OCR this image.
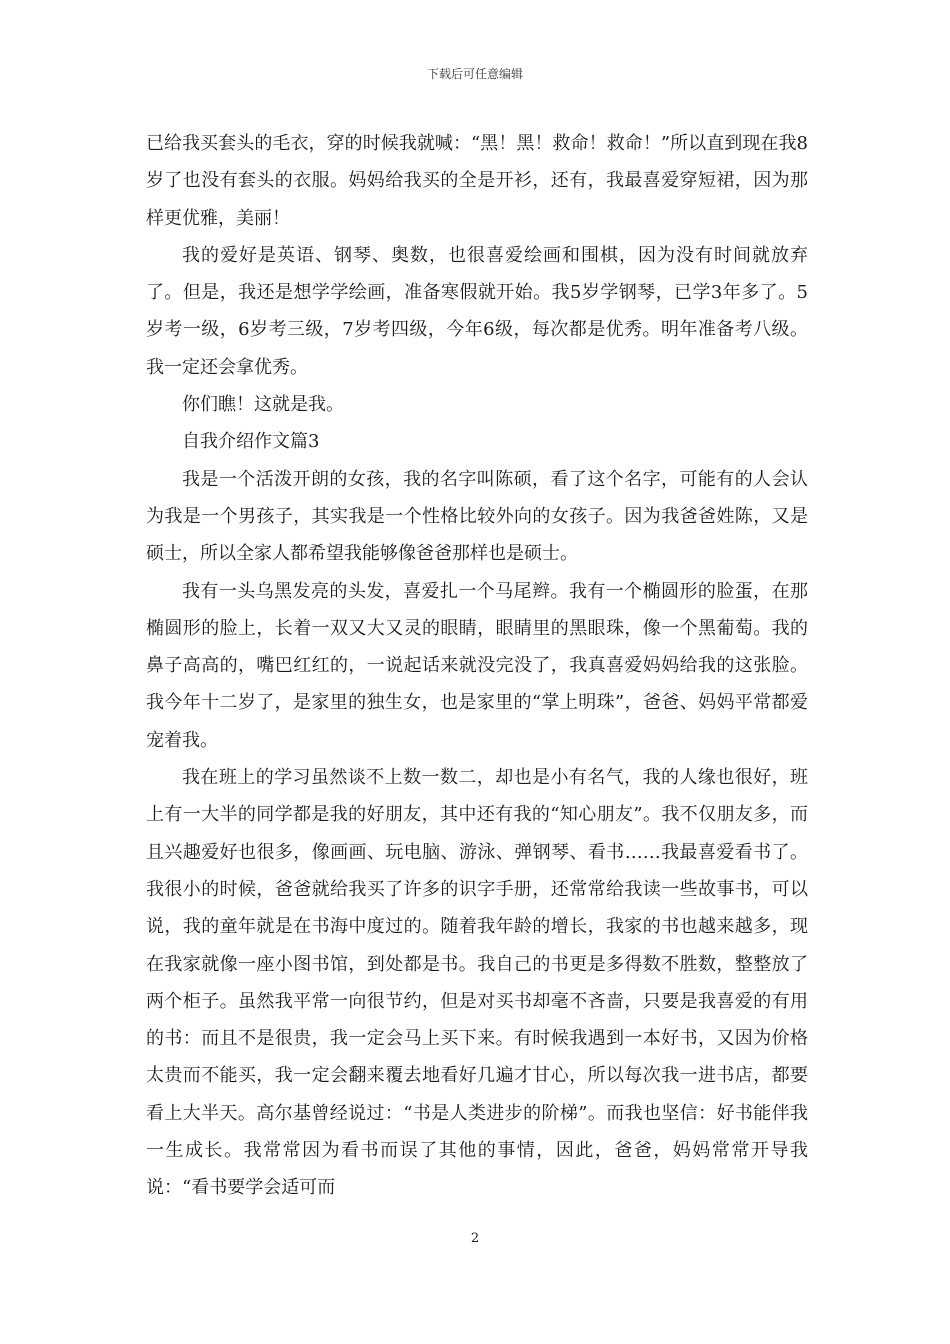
下载后可任意编辑

已给我买套头的毛衣，穿的时候我就喊：“黑！黑！救命！救命！”所以直到现在我8岁了也没有套头的衣服。妈妈给我买的全是开衫，还有，我最喜爱穿短裙，因为那样更优雅，美丽！

我的爱好是英语、钢琴、奥数，也很喜爱绘画和围棋，因为没有时间就放弃了。但是，我还是想学学绘画，准备寒假就开始。我5岁学钢琴，已学3年多了。5岁考一级，6岁考三级，7岁考四级，今年6级，每次都是优秀。明年准备考八级。我一定还会拿优秀。

你们瞧！这就是我。

自我介绍作文篇3

我是一个活泼开朗的女孩，我的名字叫陈硕，看了这个名字，可能有的人会认为我是一个男孩子，其实我是一个性格比较外向的女孩子。因为我爸爸姓陈，又是硕士，所以全家人都希望我能够像爸爸那样也是硕士。

我有一头乌黑发亮的头发，喜爱扎一个马尾辫。我有一个椭圆形的脸蛋，在那椭圆形的脸上，长着一双又大又灵的眼睛，眼睛里的黑眼珠，像一个黑葡萄。我的鼻子高高的，嘴巴红红的，一说起话来就没完没了，我真喜爱妈妈给我的这张脸。我今年十二岁了，是家里的独生女，也是家里的“掌上明珠”，爸爸、妈妈平常都爱宠着我。

我在班上的学习虽然谈不上数一数二，却也是小有名气，我的人缘也很好，班上有一大半的同学都是我的好朋友，其中还有我的“知心朋友”。我不仅朋友多，而且兴趣爱好也很多，像画画、玩电脑、游泳、弹钢琴、看书……我最喜爱看书了。我很小的时候，爸爸就给我买了许多的识字手册，还常常给我读一些故事书，可以说，我的童年就是在书海中度过的。随着我年龄的增长，我家的书也越来越多，现在我家就像一座小图书馆，到处都是书。我自己的书更是多得数不胜数，整整放了两个柜子。虽然我平常一向很节约，但是对买书却毫不吝啬，只要是我喜爱的有用的书：而且不是很贵，我一定会马上买下来。有时候我遇到一本好书，又因为价格太贵而不能买，我一定会翻来覆去地看好几遍才甘心，所以每次我一进书店，都要看上大半天。高尔基曾经说过：“书是人类进步的阶梯”。而我也坚信：好书能伴我一生成长。我常常因为看书而误了其他的事情，因此，爸爸，妈妈常常开导我说：“看书要学会适可而

2
